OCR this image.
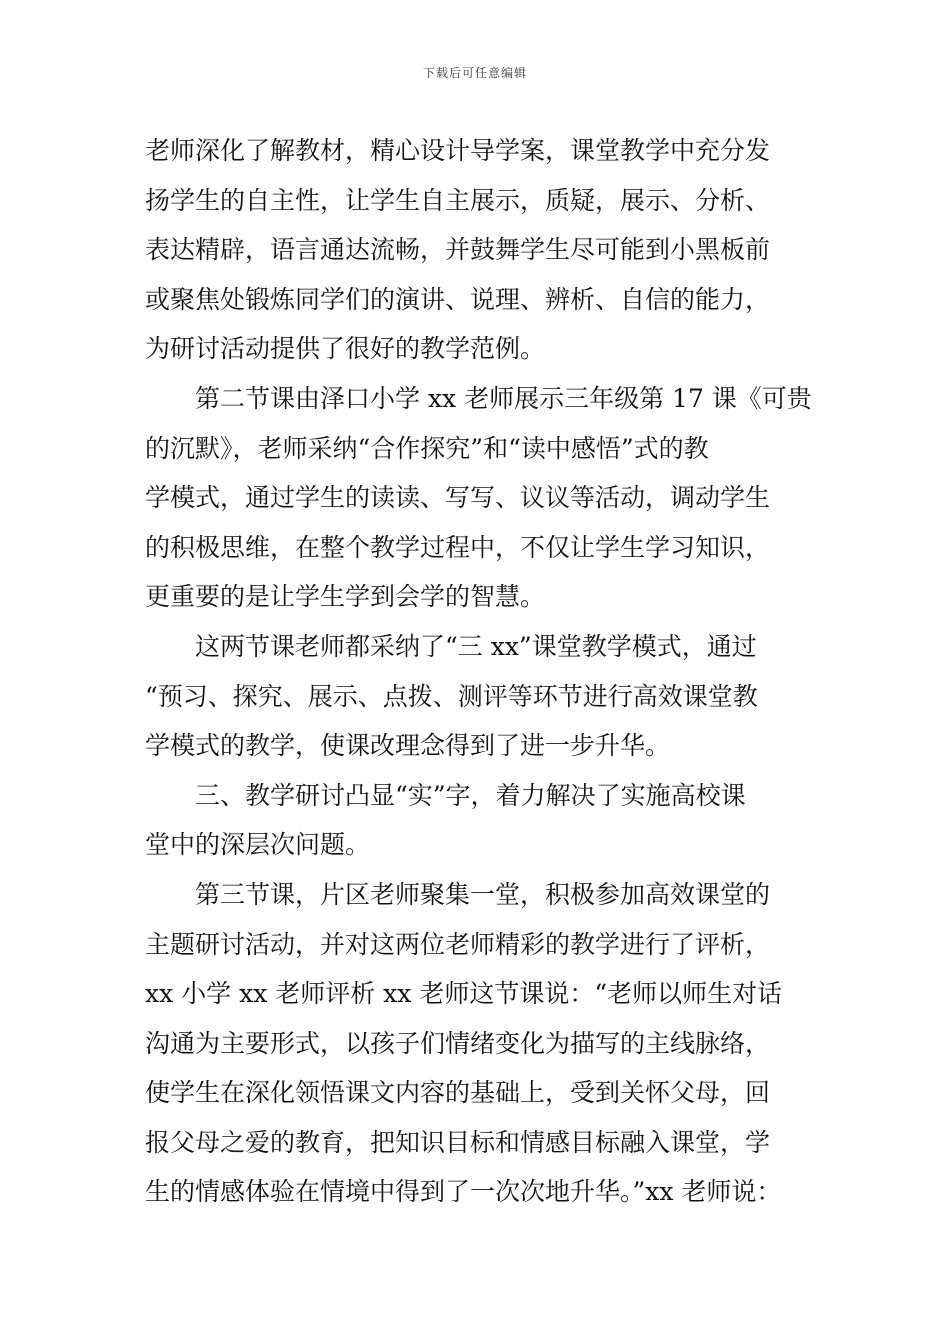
下载后可任意编辑
老师深化了解教材，精心设计导学案，课堂教学中充分发
扬学生的自主性，让学生自主展示，质疑，展示、分析、
表达精辟，语言通达流畅，并鼓舞学生尽可能到小黑板前
或聚焦处锻炼同学们的演讲、说理、辨析、自信的能力，
为研讨活动提供了很好的教学范例。
第二节课由泽口小学 xx 老师展示三年级第 17 课《可贵
的沉默》，老师采纳“合作探究”和“读中感悟”式的教
学模式，通过学生的读读、写写、议议等活动，调动学生
的积极思维，在整个教学过程中，不仅让学生学习知识，
更重要的是让学生学到会学的智慧。
这两节课老师都采纳了“三 xx”课堂教学模式，通过
“预习、探究、展示、点拨、测评等环节进行高效课堂教
学模式的教学，使课改理念得到了进一步升华。
三、教学研讨凸显“实”字，着力解决了实施高校课
堂中的深层次问题。
第三节课，片区老师聚集一堂，积极参加高效课堂的
主题研讨活动，并对这两位老师精彩的教学进行了评析，
xx 小学 xx 老师评析 xx 老师这节课说：“老师以师生对话
沟通为主要形式，以孩子们情绪变化为描写的主线脉络，
使学生在深化领悟课文内容的基础上，受到关怀父母，回
报父母之爱的教育，把知识目标和情感目标融入课堂，学
生的情感体验在情境中得到了一次次地升华。”xx 老师说：
